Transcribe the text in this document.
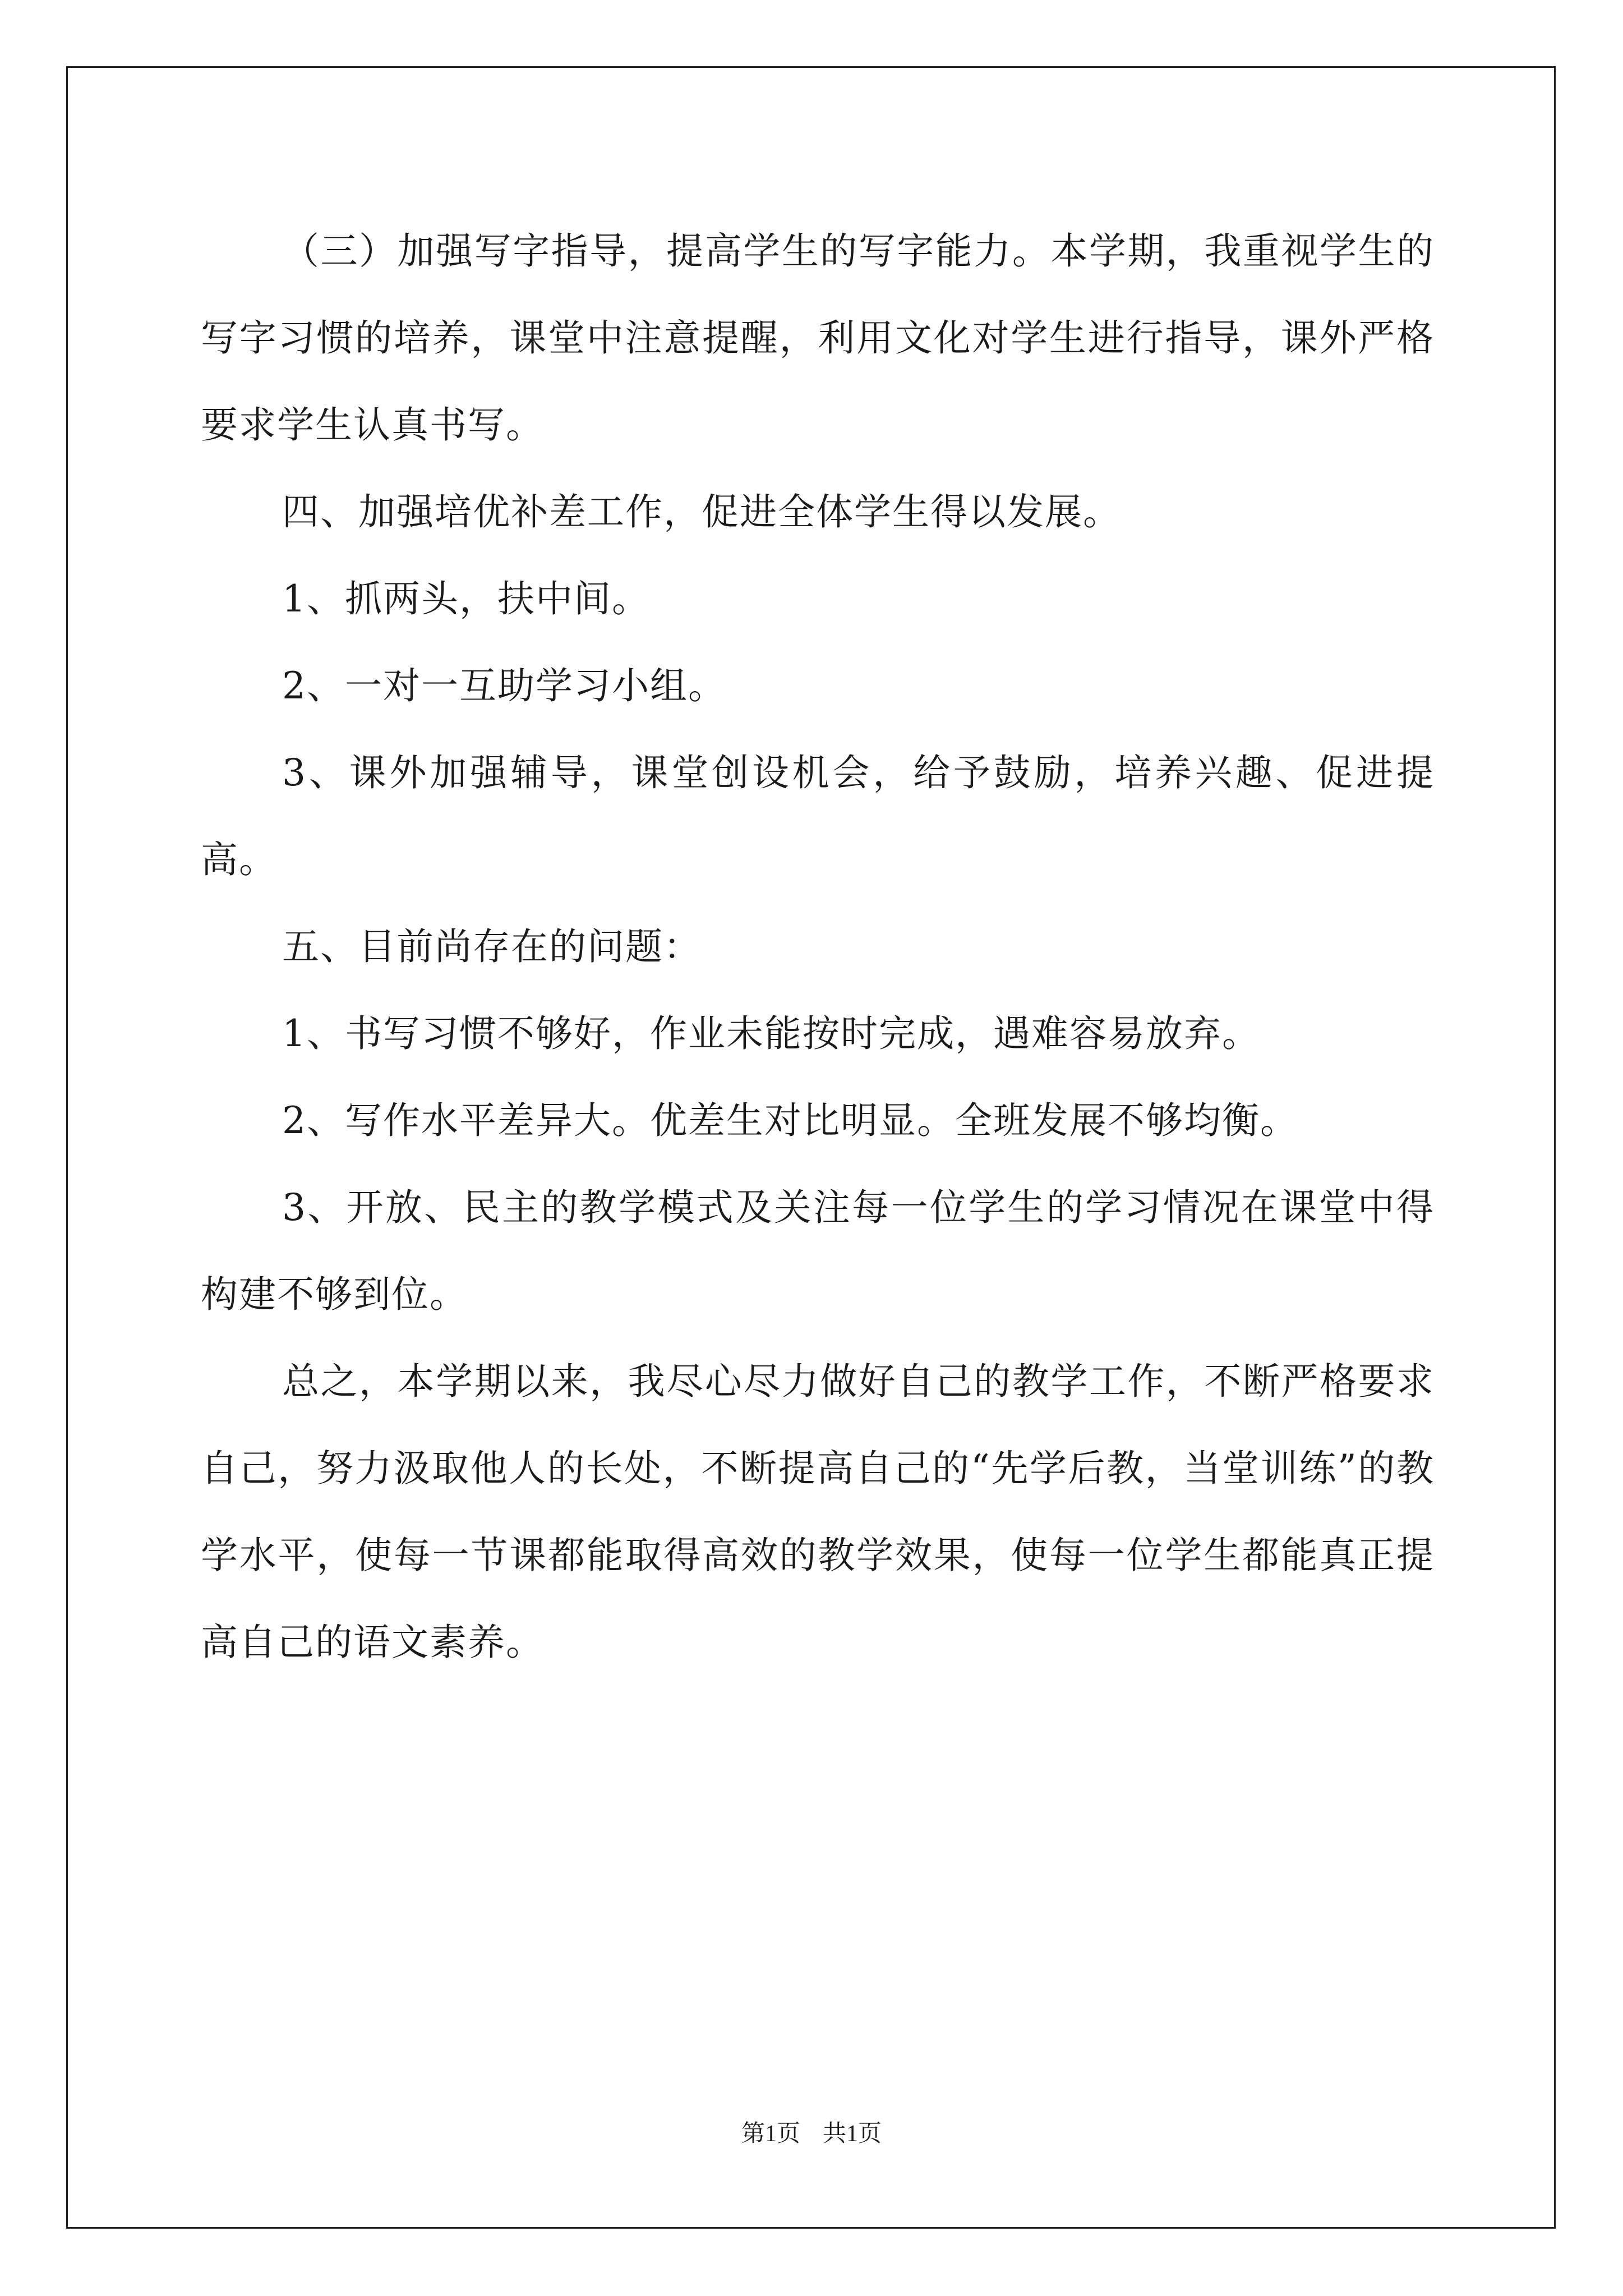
（三）加强写字指导，提高学生的写字能力。本学期，我重视学生的写字习惯的培养，课堂中注意提醒，利用文化对学生进行指导，课外严格要求学生认真书写。

四、加强培优补差工作，促进全体学生得以发展。

1、抓两头，扶中间。

2、一对一互助学习小组。

3、课外加强辅导，课堂创设机会，给予鼓励，培养兴趣、促进提高。

五、目前尚存在的问题：

1、书写习惯不够好，作业未能按时完成，遇难容易放弃。

2、写作水平差异大。优差生对比明显。全班发展不够均衡。

3、开放、民主的教学模式及关注每一位学生的学习情况在课堂中得构建不够到位。

总之，本学期以来，我尽心尽力做好自己的教学工作，不断严格要求自己，努力汲取他人的长处，不断提高自己的“先学后教，当堂训练”的教学水平，使每一节课都能取得高效的教学效果，使每一位学生都能真正提高自己的语文素养。

第1页 共1页
